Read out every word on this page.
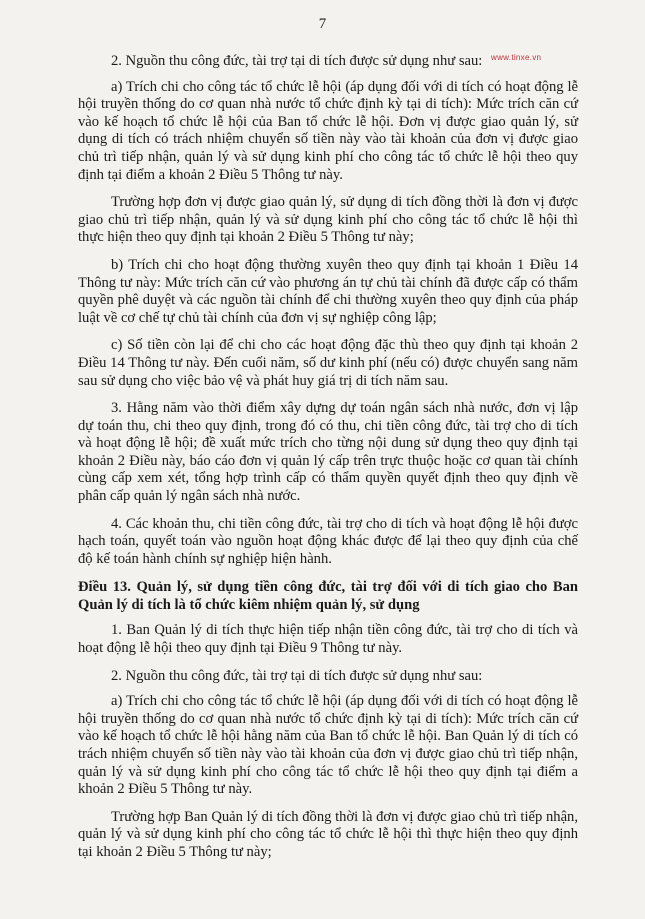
7
www.tinxe.vn

2. Nguồn thu công đức, tài trợ tại di tích được sử dụng như sau:

a) Trích chi cho công tác tổ chức lễ hội (áp dụng đối với di tích có hoạt động lễ hội truyền thống do cơ quan nhà nước tổ chức định kỳ tại di tích): Mức trích căn cứ vào kế hoạch tổ chức lễ hội của Ban tổ chức lễ hội. Đơn vị được giao quản lý, sử dụng di tích có trách nhiệm chuyển số tiền này vào tài khoản của đơn vị được giao chủ trì tiếp nhận, quản lý và sử dụng kinh phí cho công tác tổ chức lễ hội theo quy định tại điểm a khoản 2 Điều 5 Thông tư này.

Trường hợp đơn vị được giao quản lý, sử dụng di tích đồng thời là đơn vị được giao chủ trì tiếp nhận, quản lý và sử dụng kinh phí cho công tác tổ chức lễ hội thì thực hiện theo quy định tại khoản 2 Điều 5 Thông tư này;

b) Trích chi cho hoạt động thường xuyên theo quy định tại khoản 1 Điều 14 Thông tư này: Mức trích căn cứ vào phương án tự chủ tài chính đã được cấp có thẩm quyền phê duyệt và các nguồn tài chính để chi thường xuyên theo quy định của pháp luật về cơ chế tự chủ tài chính của đơn vị sự nghiệp công lập;

c) Số tiền còn lại để chi cho các hoạt động đặc thù theo quy định tại khoản 2 Điều 14 Thông tư này. Đến cuối năm, số dư kinh phí (nếu có) được chuyển sang năm sau sử dụng cho việc bảo vệ và phát huy giá trị di tích năm sau.

3. Hằng năm vào thời điểm xây dựng dự toán ngân sách nhà nước, đơn vị lập dự toán thu, chi theo quy định, trong đó có thu, chi tiền công đức, tài trợ cho di tích và hoạt động lễ hội; đề xuất mức trích cho từng nội dung sử dụng theo quy định tại khoản 2 Điều này, báo cáo đơn vị quản lý cấp trên trực thuộc hoặc cơ quan tài chính cùng cấp xem xét, tổng hợp trình cấp có thẩm quyền quyết định theo quy định về phân cấp quản lý ngân sách nhà nước.

4. Các khoản thu, chi tiền công đức, tài trợ cho di tích và hoạt động lễ hội được hạch toán, quyết toán vào nguồn hoạt động khác được để lại theo quy định của chế độ kế toán hành chính sự nghiệp hiện hành.

Điều 13. Quản lý, sử dụng tiền công đức, tài trợ đối với di tích giao cho Ban Quản lý di tích là tổ chức kiêm nhiệm quản lý, sử dụng

1. Ban Quản lý di tích thực hiện tiếp nhận tiền công đức, tài trợ cho di tích và hoạt động lễ hội theo quy định tại Điều 9 Thông tư này.

2. Nguồn thu công đức, tài trợ tại di tích được sử dụng như sau:

a) Trích chi cho công tác tổ chức lễ hội (áp dụng đối với di tích có hoạt động lễ hội truyền thống do cơ quan nhà nước tổ chức định kỳ tại di tích): Mức trích căn cứ vào kế hoạch tổ chức lễ hội hằng năm của Ban tổ chức lễ hội. Ban Quản lý di tích có trách nhiệm chuyển số tiền này vào tài khoản của đơn vị được giao chủ trì tiếp nhận, quản lý và sử dụng kinh phí cho công tác tổ chức lễ hội theo quy định tại điểm a khoản 2 Điều 5 Thông tư này.

Trường hợp Ban Quản lý di tích đồng thời là đơn vị được giao chủ trì tiếp nhận, quản lý và sử dụng kinh phí cho công tác tổ chức lễ hội thì thực hiện theo quy định tại khoản 2 Điều 5 Thông tư này;
